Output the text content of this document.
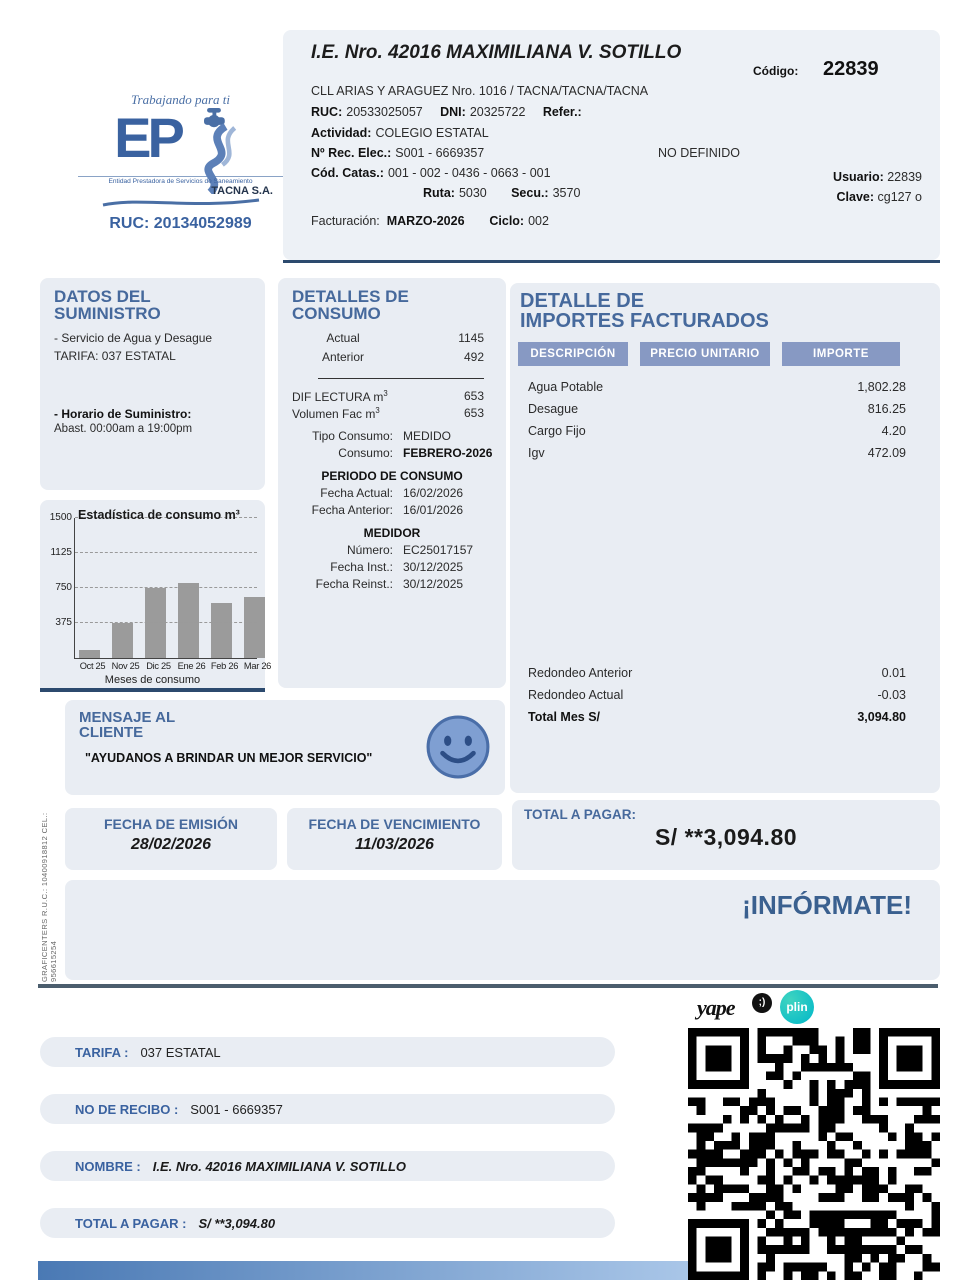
Trabajando para ti
EP
Entidad Prestadora de Servicios de Saneamiento
TACNA S.A.
RUC: 20134052989
I.E. Nro. 42016 MAXIMILIANA V. SOTILLO
Código: 22839
CLL ARIAS Y ARAGUEZ Nro. 1016 / TACNA/TACNA/TACNA
RUC: 20533025057 DNI: 20325722 Refer.:
Actividad: COLEGIO ESTATAL
Nº Rec. Elec.: S001 - 6669357	NO DEFINIDO
Cód. Catas.: 001 - 002 - 0436 - 0663 - 001
Ruta: 5030 Secu.: 3570
Usuario: 22839
Clave: cg127 o
Facturación: MARZO-2026 Ciclo: 002
DATOS DEL
SUMINISTRO
- Servicio de Agua y Desague
TARIFA: 037 ESTATAL
- Horario de Suministro:
Abast. 00:00am a 19:00pm
Estadística de consumo m³
375
750
1125
1500
Oct 25 Nov 25 Dic 25 Ene 26 Feb 26 Mar 26
Meses de consumo
DETALLES DE
CONSUMO
Actual	1145
Anterior	492
DIF LECTURA $m^3$	653
Volumen Fac $m^3$	653
Tipo Consumo: MEDIDO
Consumo: FEBRERO-2026
PERIODO DE CONSUMO
Fecha Actual: 16/02/2026
Fecha Anterior: 16/01/2026
MEDIDOR
Número: EC25017157
Fecha Inst.: 30/12/2025
Fecha Reinst.: 30/12/2025
DETALLE DE
IMPORTES FACTURADOS
DESCRIPCIÓN	PRECIO UNITARIO	IMPORTE
Agua Potable	1,802.28
Desague	816.25
Cargo Fijo	4.20
Igv	472.09
Redondeo Anterior	0.01
Redondeo Actual	-0.03
Total Mes S/	3,094.80
MENSAJE AL
CLIENTE
"AYUDANOS A BRINDAR UN MEJOR SERVICIO"
FECHA DE EMISIÓN
28/02/2026
FECHA DE VENCIMIENTO
11/03/2026
TOTAL A PAGAR:
S/ **3,094.80
¡INFÓRMATE!
GRAFICENTERS R.U.C.: 10400918812 CEL.: 956615254
yape	;)	plin
TARIFA : 037 ESTATAL
NO DE RECIBO : S001 - 6669357
NOMBRE : I.E. Nro. 42016 MAXIMILIANA V. SOTILLO
TOTAL A PAGAR : S/ **3,094.80
